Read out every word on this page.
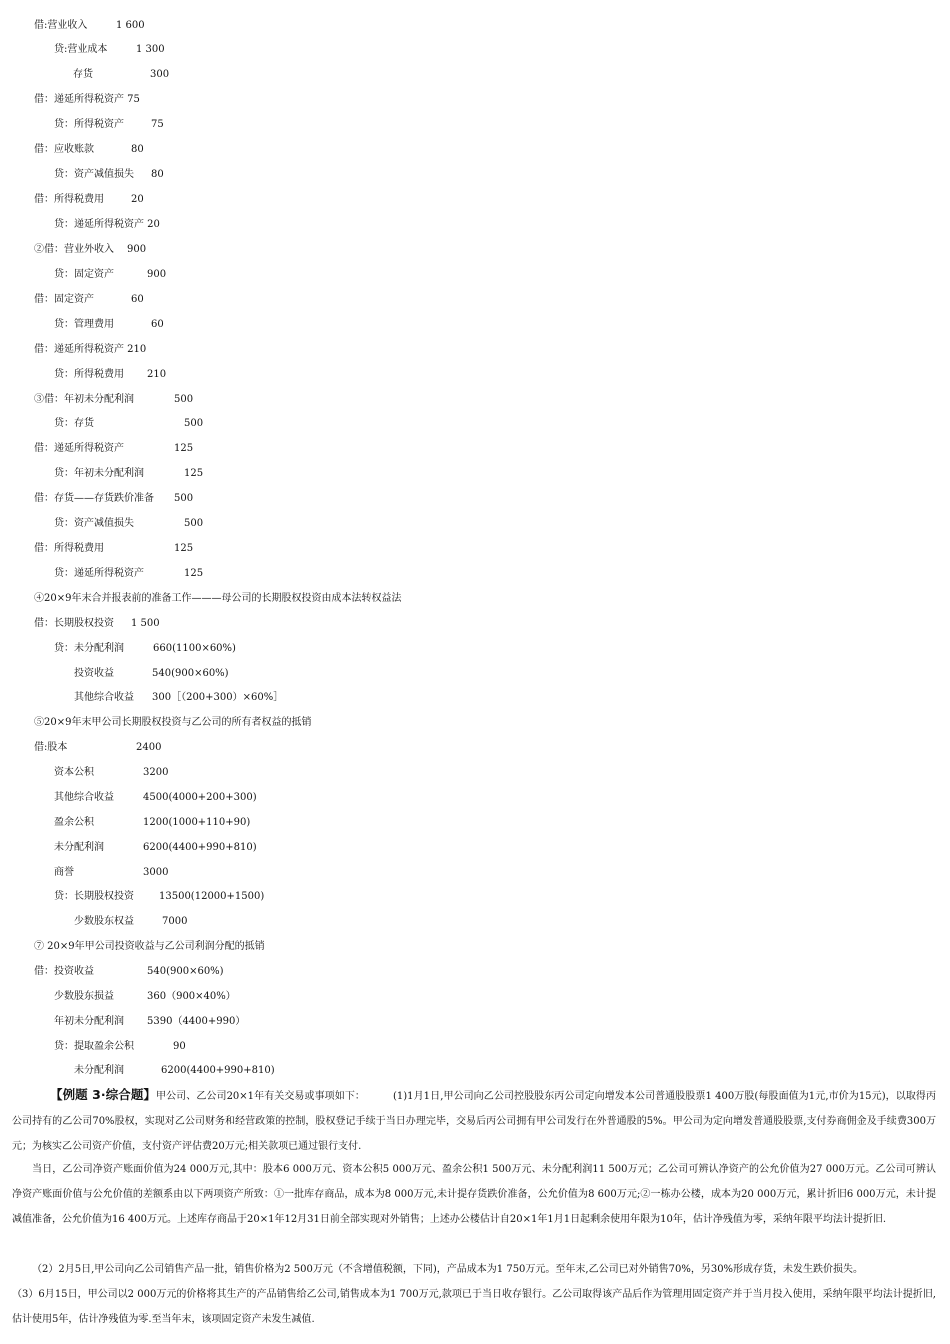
借:营业收入	1 600
贷:营业成本	1 300
存货	300
借：递延所得税资产 75
贷：所得税资产	75
借：应收账款	80
贷：资产减值损失 80
借：所得税费用	20
贷：递延所得税资产 20
②借：营业外收入 900
贷：固定资产	900
借：固定资产	60
贷：管理费用	60
借：递延所得税资产 210
贷：所得税费用 210
③借：年初未分配利润	500
贷：存货	500
借：递延所得税资产	125
贷：年初未分配利润	125
借：存货——存货跌价准备 500
贷：资产减值损失	500
借：所得税费用	125
贷：递延所得税资产	125
④20×9年末合并报表前的准备工作———母公司的长期股权投资由成本法转权益法
借：长期股权投资 1 500
贷：未分配利润	660(1100×60%)
投资收益	540(900×60%)
其他综合收益 300［（200+300）×60%］
⑤20×9年末甲公司长期股权投资与乙公司的所有者权益的抵销
借:股本	2400
资本公积	3200
其他综合收益	4500(4000+200+300)
盈余公积	1200(1000+110+90)
未分配利润	6200(4400+990+810)
商誉	3000
贷：长期股权投资	13500(12000+1500)
少数股东权益	7000
⑦ 20×9年甲公司投资收益与乙公司利润分配的抵销
借：投资收益	540(900×60%)
少数股东损益	360（900×40%）
年初未分配利润 5390（4400+990）
贷：提取盈余公积	90
未分配利润	6200(4400+990+810)
【例题 3·综合题】甲公司、乙公司20×1年有关交易或事项如下：	(1)1月1日,甲公司向乙公司控股股东丙公司定向增发本公司普通股股票1 400万股(每股面值为1元,市价为15元)，以取得丙公司持有的乙公司70%股权，实现对乙公司财务和经营政策的控制，股权登记手续于当日办理完毕，交易后丙公司拥有甲公司发行在外普通股的5%。甲公司为定向增发普通股股票,支付券商佣金及手续费300万元；为核实乙公司资产价值，支付资产评估费20万元;相关款项已通过银行支付.
当日，乙公司净资产账面价值为24 000万元,其中：股本6 000万元、资本公积5 000万元、盈余公积1 500万元、未分配利润11 500万元；乙公司可辨认净资产的公允价值为27 000万元。乙公司可辨认净资产账面价值与公允价值的差额系由以下两项资产所致：①一批库存商品，成本为8 000万元,未计提存货跌价准备，公允价值为8 600万元;②一栋办公楼，成本为20 000万元，累计折旧6 000万元，未计提减值准备，公允价值为16 400万元。上述库存商品于20×1年12月31日前全部实现对外销售；上述办公楼估计自20×1年1月1日起剩余使用年限为10年，估计净残值为零，采纳年限平均法计提折旧.
（2）2月5日,甲公司向乙公司销售产品一批，销售价格为2 500万元（不含增值税额，下同)，产品成本为1 750万元。至年末,乙公司已对外销售70%，另30%形成存货，未发生跌价损失。
（3）6月15日，甲公司以2 000万元的价格将其生产的产品销售给乙公司,销售成本为1 700万元,款项已于当日收存银行。乙公司取得该产品后作为管理用固定资产并于当月投入使用，采纳年限平均法计提折旧,估计使用5年，估计净残值为零.至当年末，该项固定资产未发生减值.
